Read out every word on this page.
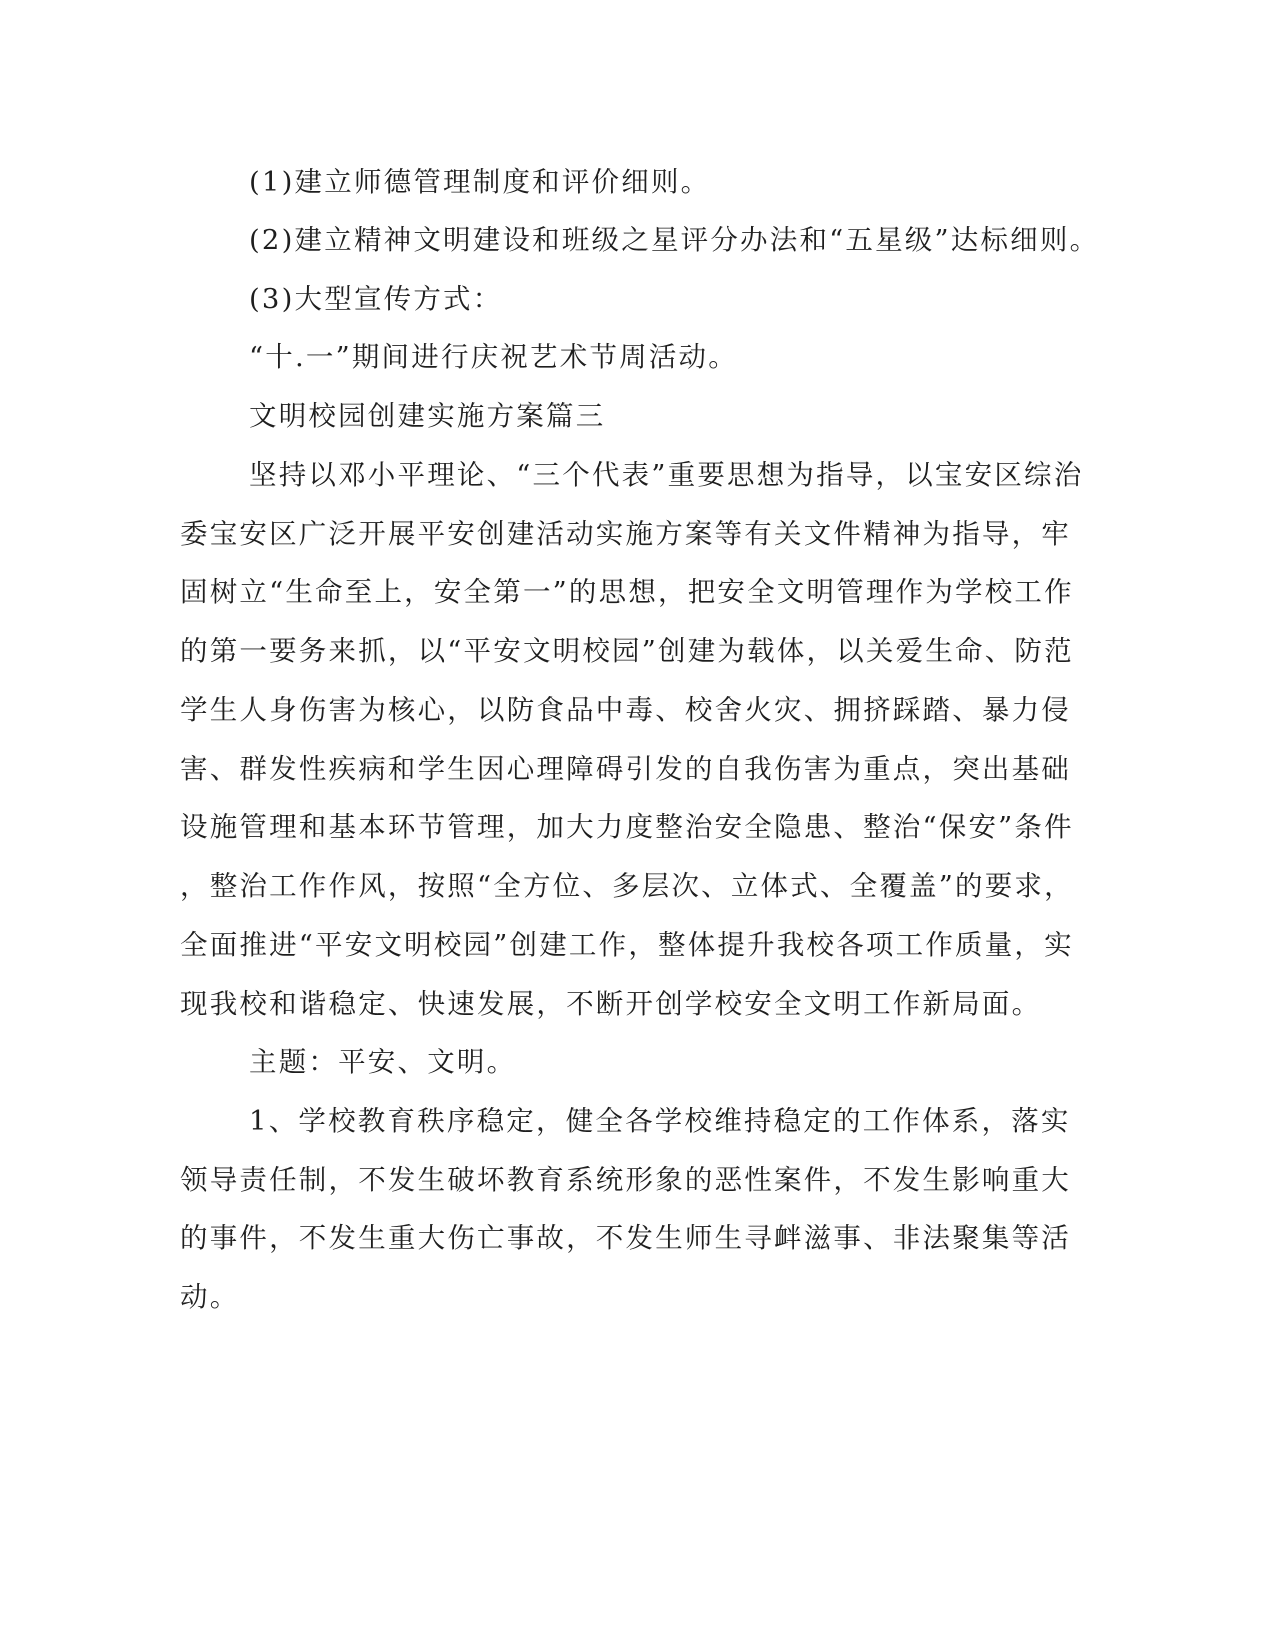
(1)建立师德管理制度和评价细则。
(2)建立精神文明建设和班级之星评分办法和“五星级”达标细则。
(3)大型宣传方式：
“十.一”期间进行庆祝艺术节周活动。
文明校园创建实施方案篇三
坚持以邓小平理论、“三个代表”重要思想为指导，以宝安区综治
委宝安区广泛开展平安创建活动实施方案等有关文件精神为指导，牢
固树立“生命至上，安全第一”的思想，把安全文明管理作为学校工作
的第一要务来抓，以“平安文明校园”创建为载体，以关爱生命、防范
学生人身伤害为核心，以防食品中毒、校舍火灾、拥挤踩踏、暴力侵
害、群发性疾病和学生因心理障碍引发的自我伤害为重点，突出基础
设施管理和基本环节管理，加大力度整治安全隐患、整治“保安”条件
，整治工作作风，按照“全方位、多层次、立体式、全覆盖”的要求，
全面推进“平安文明校园”创建工作，整体提升我校各项工作质量，实
现我校和谐稳定、快速发展，不断开创学校安全文明工作新局面。
主题：平安、文明。
1、学校教育秩序稳定，健全各学校维持稳定的工作体系，落实
领导责任制，不发生破坏教育系统形象的恶性案件，不发生影响重大
的事件，不发生重大伤亡事故，不发生师生寻衅滋事、非法聚集等活
动。
